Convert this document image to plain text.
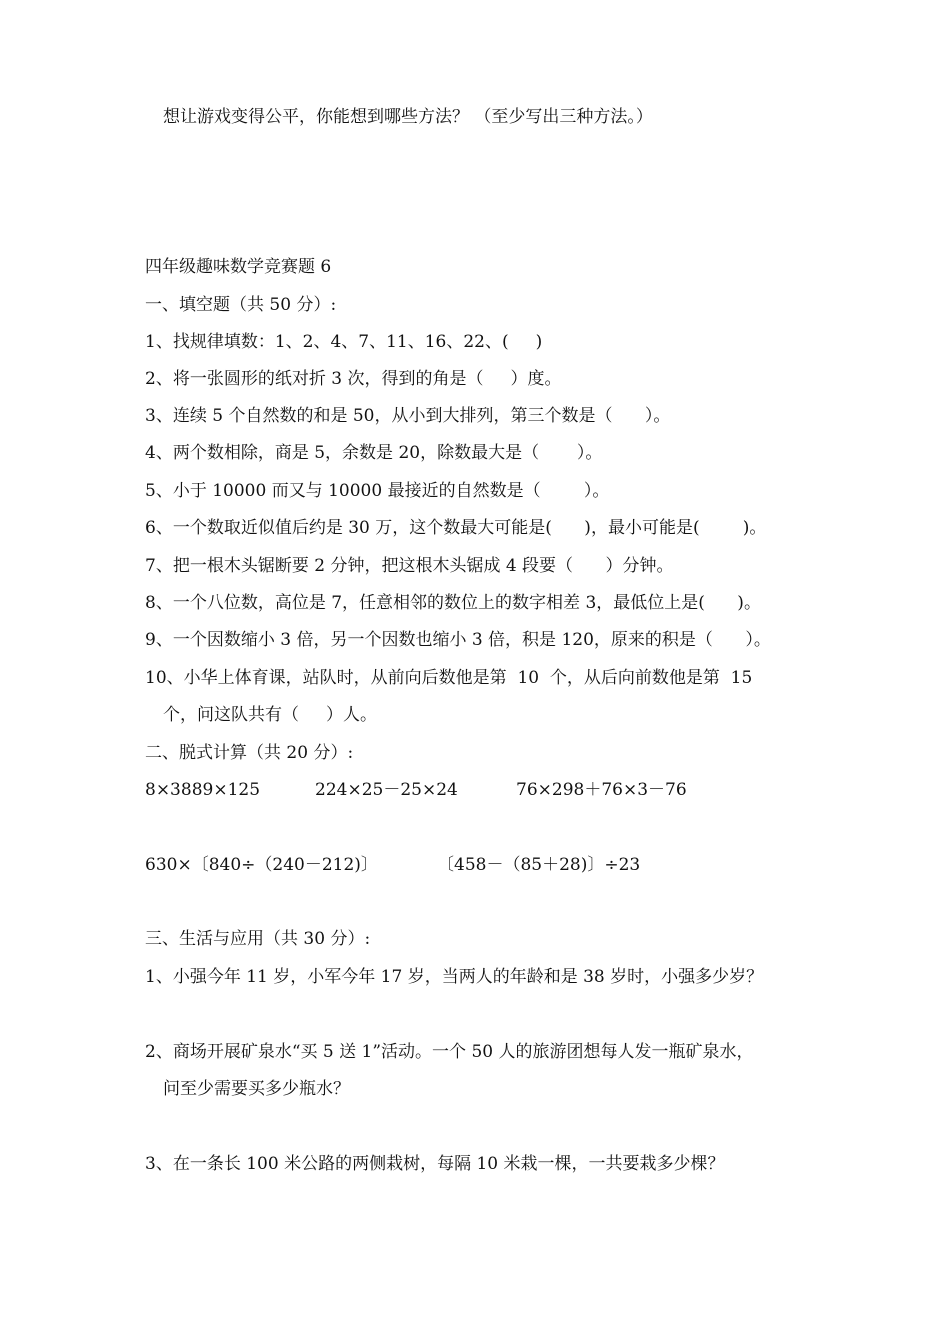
想让游戏变得公平，你能想到哪些方法？ （至少写出三种方法。）

四年级趣味数学竞赛题 6

一、填空题（共 50 分）:

1、找规律填数：1、2、4、7、11、16、22、(     )

2、将一张圆形的纸对折 3 次，得到的角是（     ）度。

3、连续 5 个自然数的和是 50，从小到大排列，第三个数是（      ）。

4、两个数相除，商是 5，余数是 20，除数最大是（       ）。

5、小于 10000 而又与 10000 最接近的自然数是（        ）。

6、一个数取近似值后约是 30 万，这个数最大可能是(      )，最小可能是(        )。

7、把一根木头锯断要 2 分钟，把这根木头锯成 4 段要（      ）分钟。

8、一个八位数，高位是 7，任意相邻的数位上的数字相差 3，最低位上是(      )。

9、一个因数缩小 3 倍，另一个因数也缩小 3 倍，积是 120，原来的积是（      ）。

10、小华上体育课，站队时，从前向后数他是第  10  个，从后向前数他是第  15

个，问这队共有（     ）人。

二、脱式计算（共 20 分）:

8×3889×125	224×25－25×24	76×298＋76×3－76

630×〔840÷（240－212)〕	〔458－（85＋28)〕÷23

三、生活与应用（共 30 分）:

1、小强今年 11 岁，小军今年 17 岁，当两人的年龄和是 38 岁时，小强多少岁？

2、商场开展矿泉水“买 5 送 1”活动。一个 50 人的旅游团想每人发一瓶矿泉水，

问至少需要买多少瓶水？

3、在一条长 100 米公路的两侧栽树，每隔 10 米栽一棵，一共要栽多少棵？
